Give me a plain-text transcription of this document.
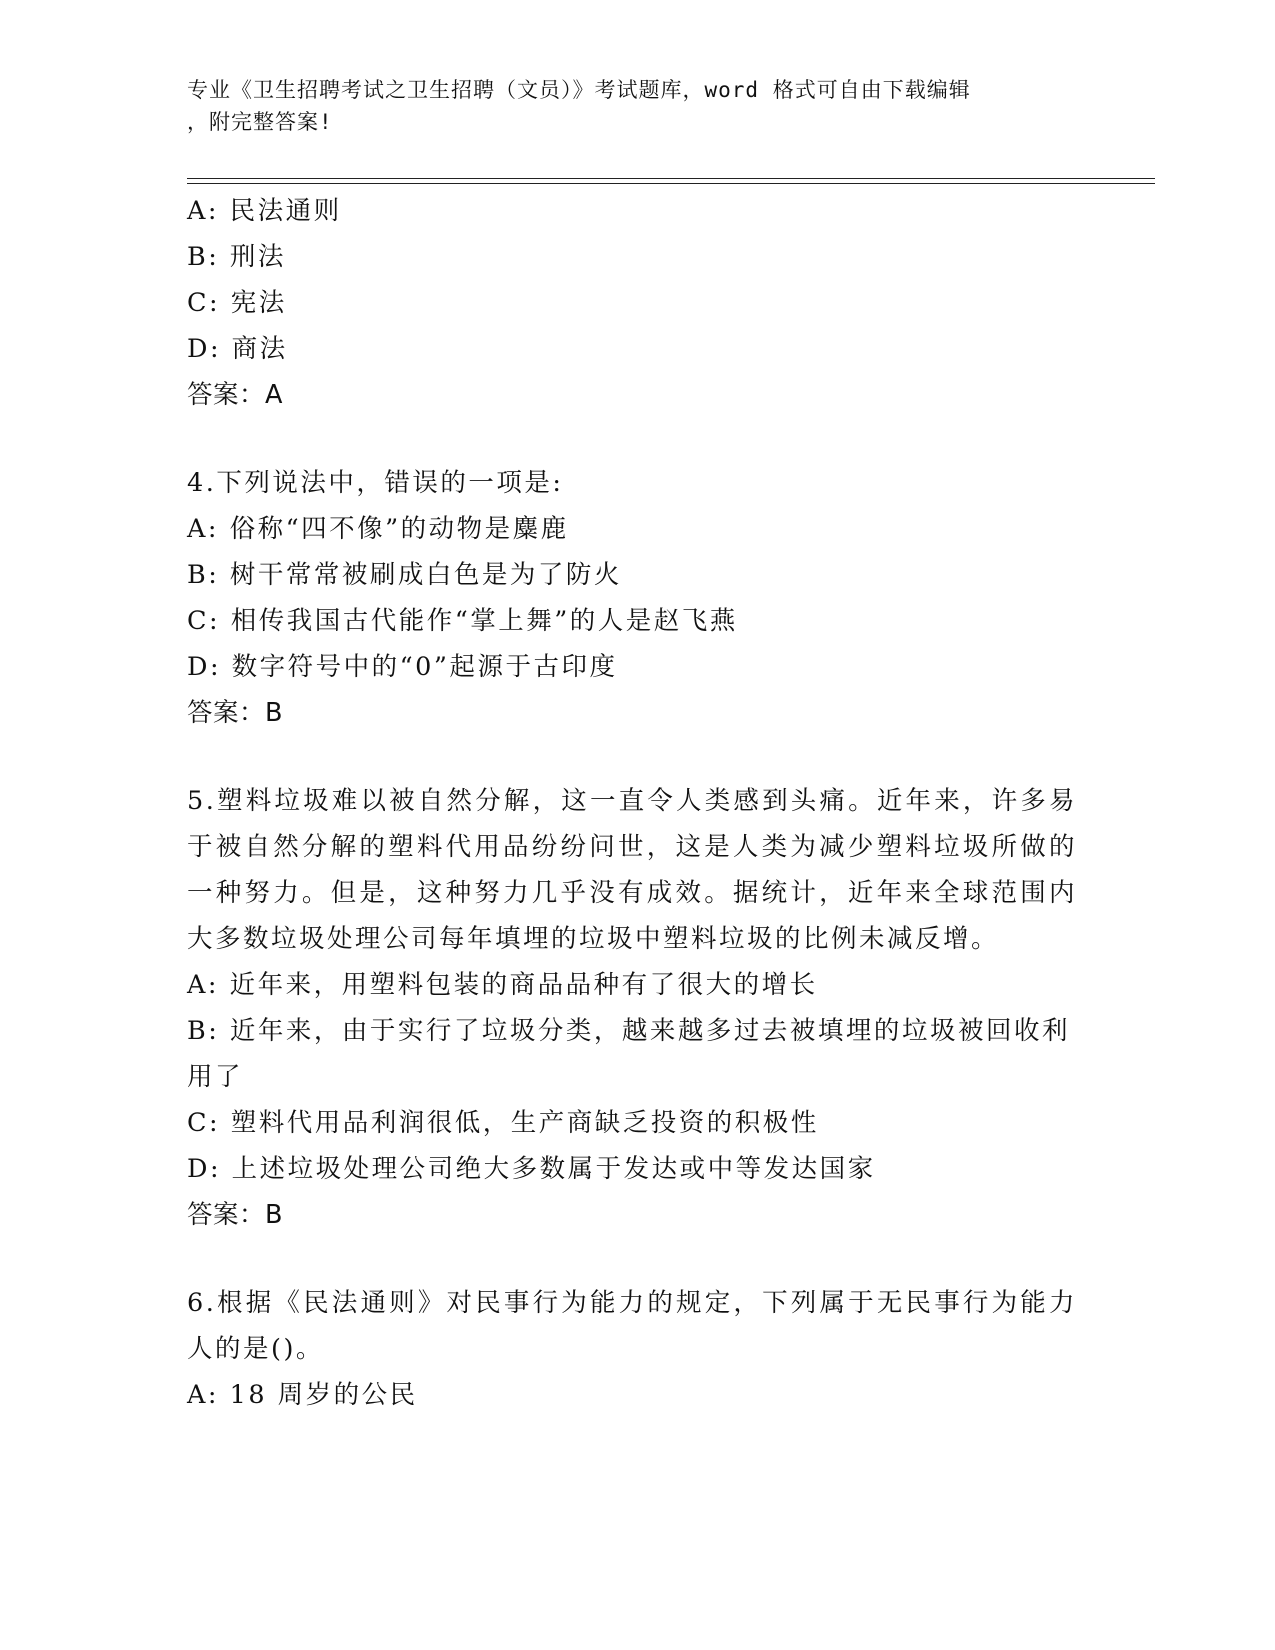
专业《卫生招聘考试之卫生招聘（文员）》考试题库，word 格式可自由下载编辑
，附完整答案!

A: 民法通则

B: 刑法

C: 宪法

D: 商法

答案：A

4.下列说法中，错误的一项是:

A: 俗称“四不像”的动物是麋鹿

B: 树干常常被刷成白色是为了防火

C: 相传我国古代能作“掌上舞”的人是赵飞燕

D: 数字符号中的“0”起源于古印度

答案：B

5.塑料垃圾难以被自然分解，这一直令人类感到头痛。近年来，许多易于被自然分解的塑料代用品纷纷问世，这是人类为减少塑料垃圾所做的一种努力。但是，这种努力几乎没有成效。据统计，近年来全球范围内大多数垃圾处理公司每年填埋的垃圾中塑料垃圾的比例未减反增。

A: 近年来，用塑料包装的商品品种有了很大的增长

B: 近年来，由于实行了垃圾分类，越来越多过去被填埋的垃圾被回收利用了

C: 塑料代用品利润很低，生产商缺乏投资的积极性

D: 上述垃圾处理公司绝大多数属于发达或中等发达国家

答案：B

6.根据《民法通则》对民事行为能力的规定，下列属于无民事行为能力人的是()。

A: 18 周岁的公民
